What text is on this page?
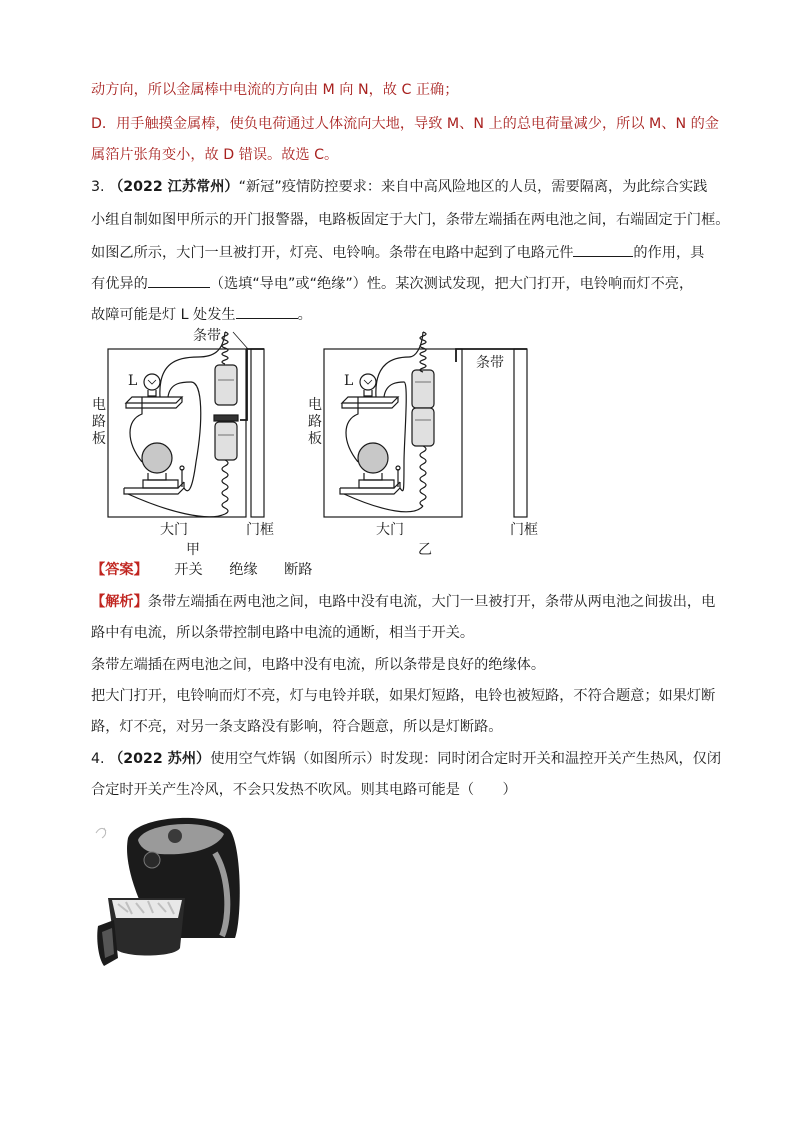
动方向，所以金属棒中电流的方向由 M 向 N，故 C 正确；
D．用手触摸金属棒，使负电荷通过人体流向大地，导致 M、N 上的总电荷量减少，所以 M、N 的金
属箔片张角变小，故 D 错误。故选 C。
3. （2022 江苏常州）“新冠”疫情防控要求：来自中高风险地区的人员，需要隔离，为此综合实践
小组自制如图甲所示的开门报警器，电路板固定于大门，条带左端插在两电池之间，右端固定于门框。
如图乙所示，大门一旦被打开，灯亮、电铃响。条带在电路中起到了电路元件	的作用，具
有优异的	（选填“导电”或“绝缘”）性。某次测试发现，把大门打开，电铃响而灯不亮，
故障可能是灯 L 处发生	。
条带
L
电
路
板
大门	门框
甲
条带
L
电
路
板
大门	门框
乙
【答案】 开关 绝缘 断路
【解析】条带左端插在两电池之间，电路中没有电流，大门一旦被打开，条带从两电池之间拔出，电
路中有电流，所以条带控制电路中电流的通断，相当于开关。
条带左端插在两电池之间，电路中没有电流，所以条带是良好的绝缘体。
把大门打开，电铃响而灯不亮，灯与电铃并联，如果灯短路，电铃也被短路，不符合题意；如果灯断
路，灯不亮，对另一条支路没有影响，符合题意，所以是灯断路。
4. （2022 苏州）使用空气炸锅（如图所示）时发现：同时闭合定时开关和温控开关产生热风，仅闭
合定时开关产生冷风，不会只发热不吹风。则其电路可能是（　　）
